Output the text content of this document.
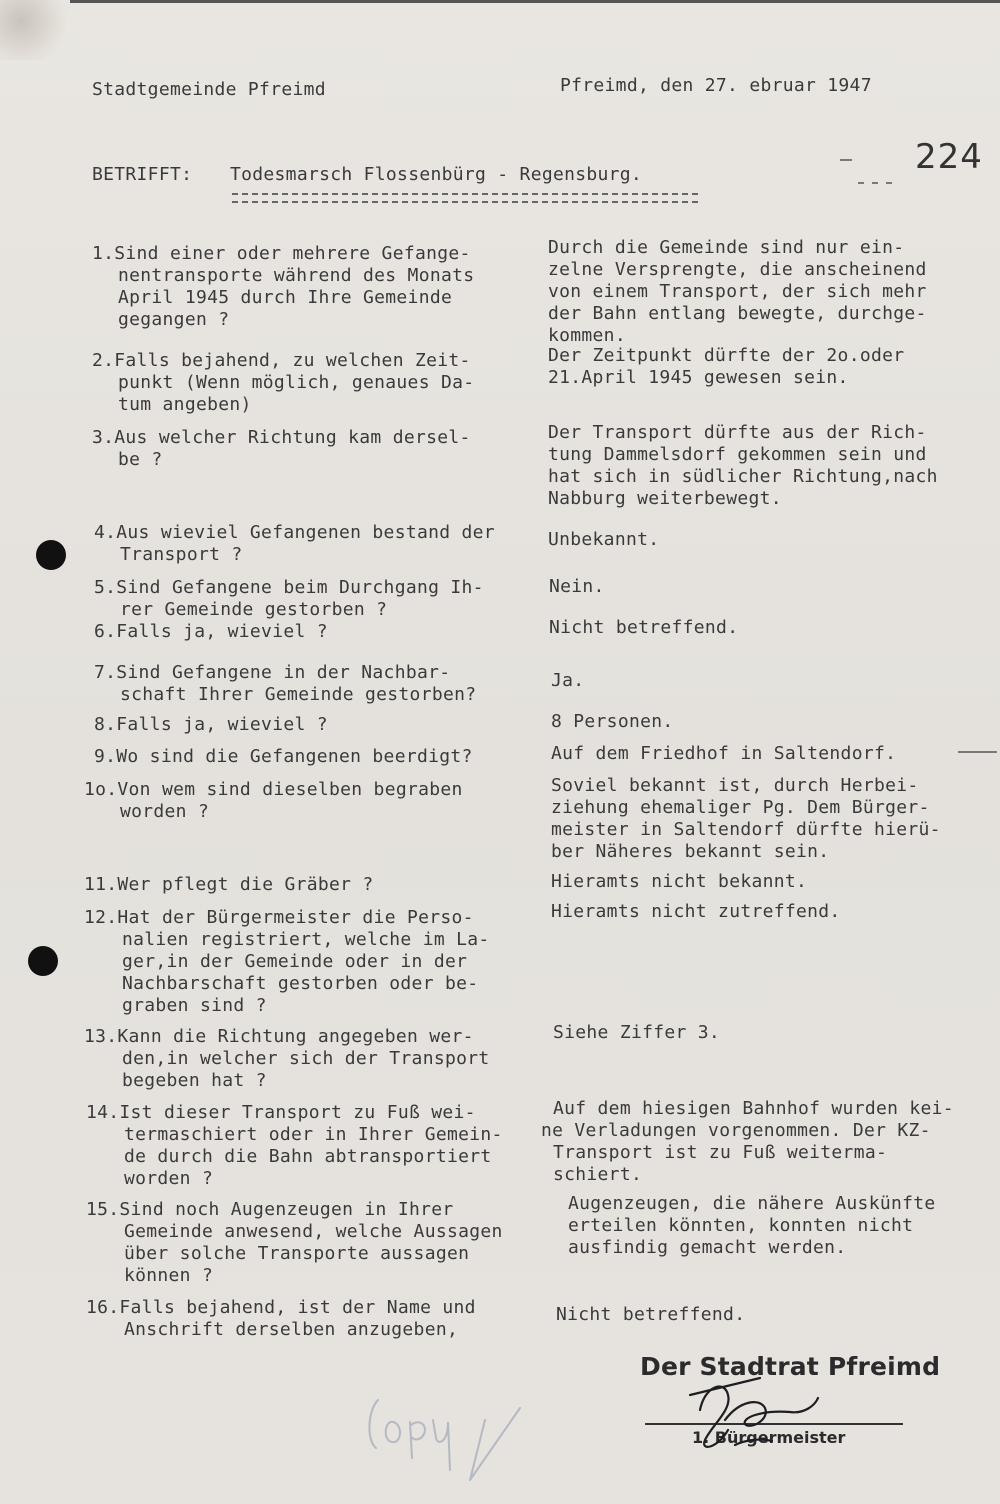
Stadtgemeinde Pfreimd	Pfreimd, den 27. ebruar 1947
224
BETRIFFT: Todesmarsch Flossenbürg - Regensburg.
1.Sind einer oder mehrere Gefange-
nentransporte während des Monats
April 1945 durch Ihre Gemeinde
gegangen ?
2.Falls bejahend, zu welchen Zeit-
punkt (Wenn möglich, genaues Da-
tum angeben)
3.Aus welcher Richtung kam dersel-
be ?
4.Aus wieviel Gefangenen bestand der
Transport ?
5.Sind Gefangene beim Durchgang Ih-
rer Gemeinde gestorben ?
6.Falls ja, wieviel ?
7.Sind Gefangene in der Nachbar-
schaft Ihrer Gemeinde gestorben?
8.Falls ja, wieviel ?
9.Wo sind die Gefangenen beerdigt?
1o.Von wem sind dieselben begraben
worden ?
11.Wer pflegt die Gräber ?
12.Hat der Bürgermeister die Perso-
nalien registriert, welche im La-
ger,in der Gemeinde oder in der
Nachbarschaft gestorben oder be-
graben sind ?
13.Kann die Richtung angegeben wer-
den,in welcher sich der Transport
begeben hat ?
14.Ist dieser Transport zu Fuß wei-
termaschiert oder in Ihrer Gemein-
de durch die Bahn abtransportiert
worden ?
15.Sind noch Augenzeugen in Ihrer
Gemeinde anwesend, welche Aussagen
über solche Transporte aussagen
können ?
16.Falls bejahend, ist der Name und
Anschrift derselben anzugeben,
Durch die Gemeinde sind nur ein-
zelne Versprengte, die anscheinend
von einem Transport, der sich mehr
der Bahn entlang bewegte, durchge-
kommen.
Der Zeitpunkt dürfte der 2o.oder
21.April 1945 gewesen sein.
Der Transport dürfte aus der Rich-
tung Dammelsdorf gekommen sein und
hat sich in südlicher Richtung,nach
Nabburg weiterbewegt.
Unbekannt.
Nein.
Nicht betreffend.
Ja.
8 Personen.
Auf dem Friedhof in Saltendorf.
Soviel bekannt ist, durch Herbei-
ziehung ehemaliger Pg. Dem Bürger-
meister in Saltendorf dürfte hierü-
ber Näheres bekannt sein.
Hieramts nicht bekannt.
Hieramts nicht zutreffend.
Siehe Ziffer 3.
Auf dem hiesigen Bahnhof wurden kei-
ne Verladungen vorgenommen. Der KZ-
Transport ist zu Fuß weiterma-
schiert.
Augenzeugen, die nähere Auskünfte
erteilen könnten, konnten nicht
ausfindig gemacht werden.
Nicht betreffend.
Der Stadtrat Pfreimd
1. Bürgermeister
